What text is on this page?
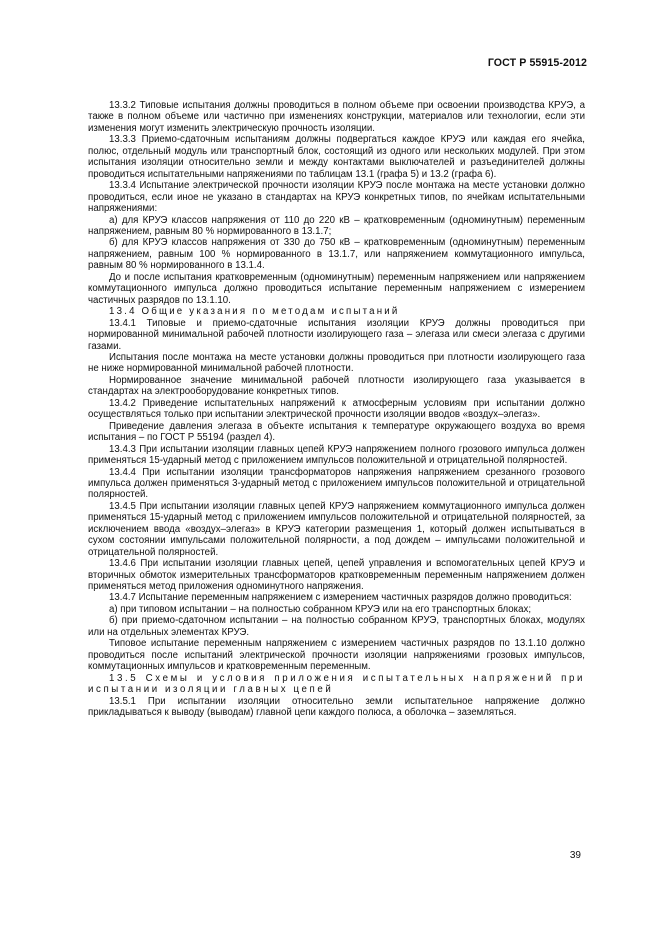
ГОСТ Р 55915-2012

13.3.2 Типовые испытания должны проводиться в полном объеме при освоении производства КРУЭ, а также в полном объеме или частично при изменениях конструкции, материалов или технологии, если эти изменения могут изменить электрическую прочность изоляции.

13.3.3 Приемо-сдаточным испытаниям должны подвергаться каждое КРУЭ или каждая его ячейка, полюс, отдельный модуль или транспортный блок, состоящий из одного или нескольких модулей. При этом испытания изоляции относительно земли и между контактами выключателей и разъединителей должны проводиться испытательными напряжениями по таблицам 13.1 (графа 5) и 13.2 (графа 6).

13.3.4 Испытание электрической прочности изоляции КРУЭ после монтажа на месте установки должно проводиться, если иное не указано в стандартах на КРУЭ конкретных типов, по ячейкам испытательными напряжениями:

а) для КРУЭ классов напряжения от 110 до 220 кВ – кратковременным (одноминутным) переменным напряжением, равным 80 % нормированного в 13.1.7;

б) для КРУЭ классов напряжения от 330 до 750 кВ – кратковременным (одноминутным) переменным напряжением, равным 100 % нормированного в 13.1.7, или напряжением коммутационного импульса, равным 80 % нормированного в 13.1.4.

До и после испытания кратковременным (одноминутным) переменным напряжением или напряжением коммутационного импульса должно проводиться испытание переменным напряжением с измерением частичных разрядов по 13.1.10.

13.4 Общие указания по методам испытаний

13.4.1 Типовые и приемо-сдаточные испытания изоляции КРУЭ должны проводиться при нормированной минимальной рабочей плотности изолирующего газа – элегаза или смеси элегаза с другими газами.

Испытания после монтажа на месте установки должны проводиться при плотности изолирующего газа не ниже нормированной минимальной рабочей плотности.

Нормированное значение минимальной рабочей плотности изолирующего газа указывается в стандартах на электрооборудование конкретных типов.

13.4.2 Приведение испытательных напряжений к атмосферным условиям при испытании должно осуществляться только при испытании электрической прочности изоляции вводов «воздух–элегаз».

Приведение давления элегаза в объекте испытания к температуре окружающего воздуха во время испытания – по ГОСТ Р 55194 (раздел 4).

13.4.3 При испытании изоляции главных цепей КРУЭ напряжением полного грозового импульса должен применяться 15-ударный метод с приложением импульсов положительной и отрицательной полярностей.

13.4.4 При испытании изоляции трансформаторов напряжения напряжением срезанного грозового импульса должен применяться 3-ударный метод с приложением импульсов положительной и отрицательной полярностей.

13.4.5 При испытании изоляции главных цепей КРУЭ напряжением коммутационного импульса должен применяться 15-ударный метод с приложением импульсов положительной и отрицательной полярностей, за исключением ввода «воздух–элегаз» в КРУЭ категории размещения 1, который должен испытываться в сухом состоянии импульсами положительной полярности, а под дождем – импульсами положительной и отрицательной полярностей.

13.4.6 При испытании изоляции главных цепей, цепей управления и вспомогательных цепей КРУЭ и вторичных обмоток измерительных трансформаторов кратковременным переменным напряжением должен применяться метод приложения одноминутного напряжения.

13.4.7 Испытание переменным напряжением с измерением частичных разрядов должно проводиться:

а) при типовом испытании – на полностью собранном КРУЭ или на его транспортных блоках;

б) при приемо-сдаточном испытании – на полностью собранном КРУЭ, транспортных блоках, модулях или на отдельных элементах КРУЭ.

Типовое испытание переменным напряжением с измерением частичных разрядов по 13.1.10 должно проводиться после испытаний электрической прочности изоляции напряжениями грозовых импульсов, коммутационных импульсов и кратковременным переменным.

13.5 Схемы и условия приложения испытательных напряжений при испытании изоляции главных цепей

13.5.1 При испытании изоляции относительно земли испытательное напряжение должно прикладываться к выводу (выводам) главной цепи каждого полюса, а оболочка – заземляться.

39
